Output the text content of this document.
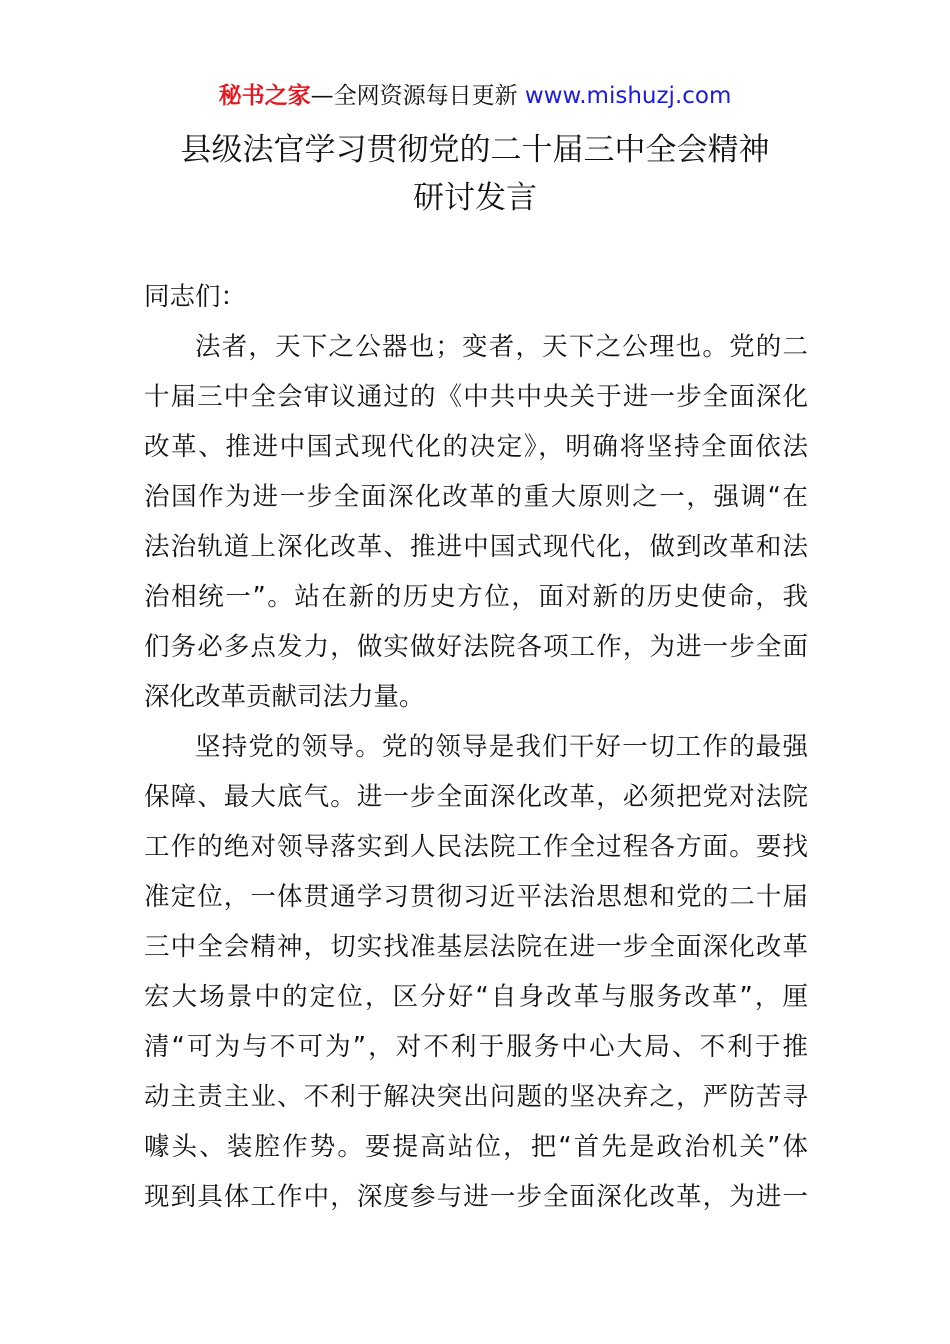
秘书之家—全网资源每日更新 www.mishuzj.com
县级法官学习贯彻党的二十届三中全会精神
研讨发言
同志们：
法者，天下之公器也；变者，天下之公理也。党的二
十届三中全会审议通过的《中共中央关于进一步全面深化
改革、推进中国式现代化的决定》，明确将坚持全面依法
治国作为进一步全面深化改革的重大原则之一，强调“在
法治轨道上深化改革、推进中国式现代化，做到改革和法
治相统一”。站在新的历史方位，面对新的历史使命，我
们务必多点发力，做实做好法院各项工作，为进一步全面
深化改革贡献司法力量。
坚持党的领导。党的领导是我们干好一切工作的最强
保障、最大底气。进一步全面深化改革，必须把党对法院
工作的绝对领导落实到人民法院工作全过程各方面。要找
准定位，一体贯通学习贯彻习近平法治思想和党的二十届
三中全会精神，切实找准基层法院在进一步全面深化改革
宏大场景中的定位，区分好“自身改革与服务改革”，厘
清“可为与不可为”，对不利于服务中心大局、不利于推
动主责主业、不利于解决突出问题的坚决弃之，严防苦寻
噱头、装腔作势。要提高站位，把“首先是政治机关”体
现到具体工作中，深度参与进一步全面深化改革，为进一
